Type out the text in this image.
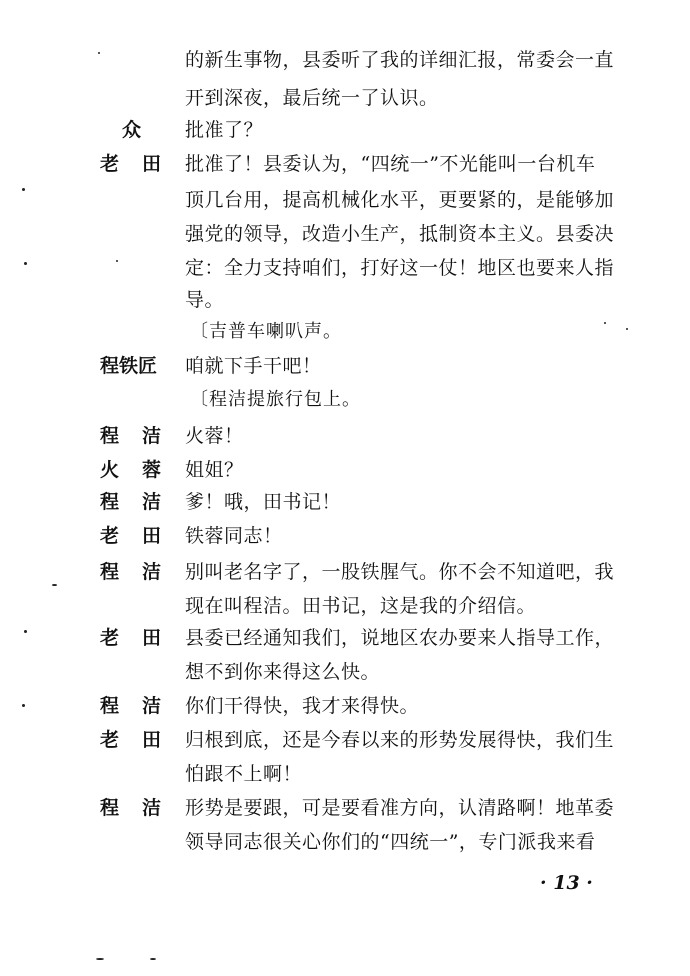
的新生事物，县委听了我的详细汇报，常委会一直
开到深夜，最后统一了认识。
众	批准了？
老 田 批准了！县委认为，“四统一”不光能叫一台机车
顶几台用，提高机械化水平，更要紧的，是能够加
强党的领导，改造小生产，抵制资本主义。县委决
定：全力支持咱们，打好这一仗！地区也要来人指
导。
〔吉普车喇叭声。
程铁匠	咱就下手干吧！
〔程洁提旅行包上。
程 洁 火蓉！
火 蓉 姐姐？
程 洁 爹！哦，田书记！
老 田 铁蓉同志！
程 洁 别叫老名字了，一股铁腥气。你不会不知道吧，我
现在叫程洁。田书记，这是我的介绍信。
老 田 县委已经通知我们，说地区农办要来人指导工作，
想不到你来得这么快。
程 洁 你们干得快，我才来得快。
老 田 归根到底，还是今春以来的形势发展得快，我们生
怕跟不上啊！
程 洁 形势是要跟，可是要看准方向，认清路啊！地革委
领导同志很关心你们的“四统一”，专门派我来看
· 13 ·
